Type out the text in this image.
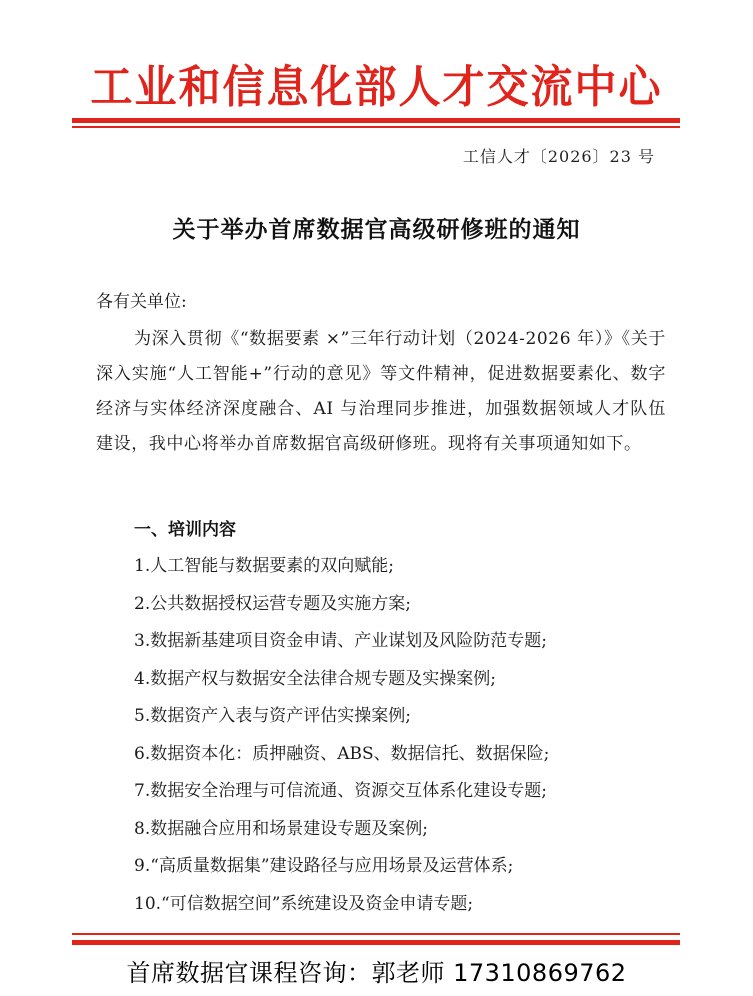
工业和信息化部人才交流中心
工信人才〔2026〕23 号
关于举办首席数据官高级研修班的通知
各有关单位:
为深入贯彻《“数据要素 ×”三年行动计划（2024-2026 年）》《关于深入实施“人工智能+”行动的意见》等文件精神，促进数据要素化、数字经济与实体经济深度融合、AI 与治理同步推进，加强数据领域人才队伍建设，我中心将举办首席数据官高级研修班。现将有关事项通知如下。
一、培训内容
1.人工智能与数据要素的双向赋能;
2.公共数据授权运营专题及实施方案;
3.数据新基建项目资金申请、产业谋划及风险防范专题;
4.数据产权与数据安全法律合规专题及实操案例;
5.数据资产入表与资产评估实操案例;
6.数据资本化：质押融资、ABS、数据信托、数据保险;
7.数据安全治理与可信流通、资源交互体系化建设专题;
8.数据融合应用和场景建设专题及案例;
9.“高质量数据集”建设路径与应用场景及运营体系;
10.“可信数据空间”系统建设及资金申请专题;
首席数据官课程咨询：郭老师 17310869762
